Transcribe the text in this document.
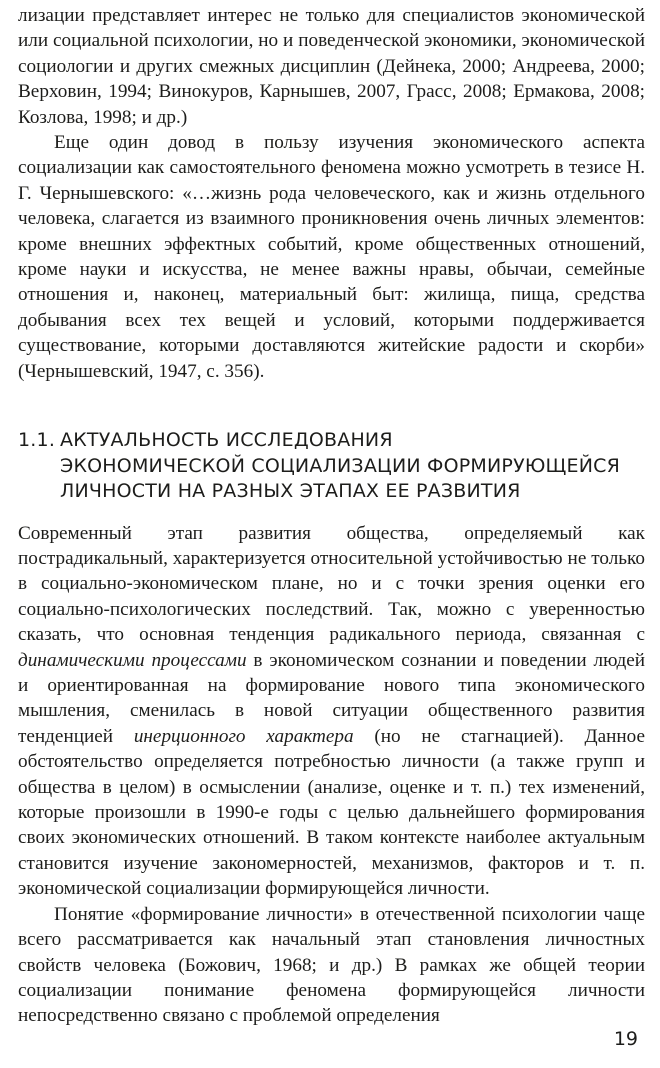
лизации представляет интерес не только для специалистов экономической или социальной психологии, но и поведенческой экономики, экономической социологии и других смежных дисциплин (Дейнека, 2000; Андреева, 2000; Верховин, 1994; Винокуров, Карнышев, 2007, Грасс, 2008; Ермакова, 2008; Козлова, 1998; и др.)

Еще один довод в пользу изучения экономического аспекта социализации как самостоятельного феномена можно усмотреть в тезисе Н. Г. Чернышевского: «…жизнь рода человеческого, как и жизнь отдельного человека, слагается из взаимного проникновения очень личных элементов: кроме внешних эффектных событий, кроме общественных отношений, кроме науки и искусства, не менее важны нравы, обычаи, семейные отношения и, наконец, материальный быт: жилища, пища, средства добывания всех тех вещей и условий, которыми поддерживается существование, которыми доставляются житейские радости и скорби» (Чернышевский, 1947, с. 356).

1.1. АКТУАЛЬНОСТЬ ИССЛЕДОВАНИЯ
ЭКОНОМИЧЕСКОЙ СОЦИАЛИЗАЦИИ ФОРМИРУЮЩЕЙСЯ
ЛИЧНОСТИ НА РАЗНЫХ ЭТАПАХ ЕЕ РАЗВИТИЯ

Современный этап развития общества, определяемый как пострадикальный, характеризуется относительной устойчивостью не только в социально-экономическом плане, но и с точки зрения оценки его социально-психологических последствий. Так, можно с уверенностью сказать, что основная тенденция радикального периода, связанная с динамическими процессами в экономическом сознании и поведении людей и ориентированная на формирование нового типа экономического мышления, сменилась в новой ситуации общественного развития тенденцией инерционного характера (но не стагнацией). Данное обстоятельство определяется потребностью личности (а также групп и общества в целом) в осмыслении (анализе, оценке и т. п.) тех изменений, которые произошли в 1990-е годы с целью дальнейшего формирования своих экономических отношений. В таком контексте наиболее актуальным становится изучение закономерностей, механизмов, факторов и т. п. экономической социализации формирующейся личности.

Понятие «формирование личности» в отечественной психологии чаще всего рассматривается как начальный этап становления личностных свойств человека (Божович, 1968; и др.) В рамках же общей теории социализации понимание феномена формирующейся личности непосредственно связано с проблемой определения

19
